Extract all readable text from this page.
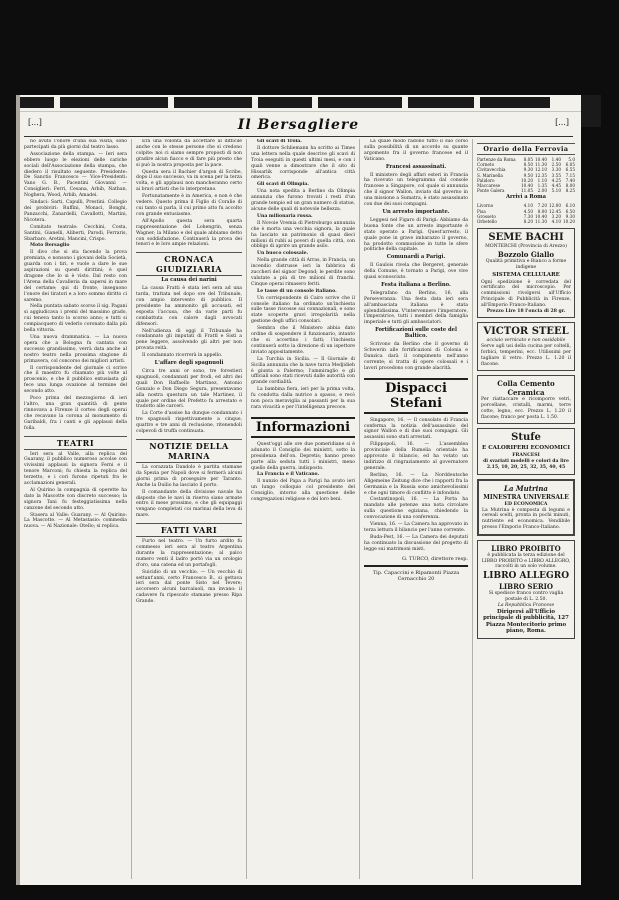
[...]	Il Bersagliere	[...]

no avuto l'onore d'una sua visita, sono partecipati da più giorni dal teatro lasso.

Associazione della stampa. — Ieri sera ebbero luogo le elezioni delle cariche sociali dell'Associazione della stampa, che diedero il risultato seguente. Presidente: De Sanctis Francesco — Vice-Presidenti: Vano G. B., Pacentini Giovanni — Consiglieri: Ferri, Cesana, Arbib, Nathan, Noghera, Wood, Arbib, Amadei.

Sindaci: Sarti, Capulli, Prestini. Collegio dei probiviri: Ruffini, Monaci, Bonghi, Panzacchi, Zanardelli, Cavallotti, Martini, Nicotera.

Comitato teatrale: Cecchini, Costa, Santini, Gianelli, Aliberti, Parodi, Ferraris, Sbarbaro, Aretini, Mancini, Crispo.

Moto Bersaglio

Il divo che si sta facendo la prova premiata, e nonsono i giovani della Società, guarda con i tiri, e vuole a dare le sue aspirazioni su questi dirittini; è quel dragone che lo si è visto. Dal resto con l'Arena della Cavalleria da sapersi in mare del certame; qui di fronte, inseguono l'onore dei tiratori e a loro sommo diritto ci saremo.

Nella puntata sabato scorso il sig. Pagani si aggiudicava i premi del massimo grado, cui teneva tanto lo scorso anno; e tutti si compiacquero di vederlo coronato dalla più bella vittoria.

Una nuova drammatica. — La nuova opera che a Bologna fu cantata con successo grandissimo, verrà data anche al nostro teatro nella prossima stagione di primavera, col concorso dei migliori artisti.

Il corrispondente del giornale ci scrive che il maestro fu chiamato più volte al proscenio, e che il pubblico entusiasta gli fece una lunga ovazione al termine del secondo atto.

Poco prima del mezzogiorno di ieri l'altro, una gran quantità di gente rinnovava a Firenze il corteo degli operai che recavano la corona al monumento di Garibaldi, fra i canti e gli applausi della folla.

TEATRI

Ieri sera al Valle, alla replica del Guarany, il pubblico numeroso accolse con vivissimi applausi la signora Ferni e il tenore Marconi; fu chiesta la replica del terzetto, e i cori furono ripetuti fra le acclamazioni generali.

Al Quirino la compagnia di operette ha dato la Mascotte con discreto successo; la signora Tani fu festeggiatissima nella canzone del secondo atto.

Stasera al Valle: Guarany. — Al Quirino: La Mascotte. — Al Metastasio: commedia nuova. — Al Nazionale: Otello; si replica.

Era una volontà da accettare al difficile anche con le stesse persone che si credono colpite: noi ci siamo sempre proposti di non gradire alcun fiacco e di fare più presto che si può la nostra proposta per la pace.

Questa sera il Bachier d'argon di Scribe, dopo il suo successo, va in scena per la terza volta, e gli applausi non mancheranno certo ai bravi artisti che lo interpretano.

Fortunatamente è in America, e non è che vedere. Questo prima il Figlio di Coralie di cui tanto si parla, il cui primo atto fu accolto con grande entusiasmo.

All'Apollo questa sera quarta rappresentazione del Lohengrin, senza Wagner; la Milano e del quale abbiamo detto con soddisfazione. Continuerà la prova dei tenori e le loro ampie relazioni.

CRONACA GIUDIZIARIA
La causa dei narini

La causa Fratti è stata ieri sera ad una tarda, trattata nel dopo ore del Tribunale, con ampio intervento di pubblico. Il presidente ha ammonito gli accusati, ed esposta l'accusa, che da varie parti fu combattuta con calore dagli avvocati difensori.

Nell'udienza di oggi il Tribunale ha condannato gli imputati di Frattl e Sisti a pene leggere, assolvendo gli altri per non provata reità.

Il condannato ricorrerà in appello.

L'affare degli spagnuoli

Circa tre anni or sono, tre forestieri spagnuoli, condannati per frodi, ed altri dei quali Don Raffaello Martinez, Antonio Gonzalo e Don Diego Segura, presentavano alla nostra questura un tale Martinez, il quale per ordine del Prefetto fu arrestato e tradotto alle carceri.

La Corte d'assise ha dunque condannato i tre spagnuoli rispettivamente a cinque, quattro e tre anni di reclusione, ritenendoli colpevoli di truffa continuata.

NOTIZIE DELLA MARINA

La corazzata Dandolo è partita stamane da Spezia per Napoli dove si fermerà alcuni giorni prima di proseguire per Taranto. Anche la Duilio ha lasciato il porto.

Il comandante della divisione navale ha disposto che le navi in riserva siano armate entro il mese prossimo, e che gli equipaggi vengano completati coi marinai della leva di mare.

FATTI VARI

Furto nel teatro. — Un furto ardito fu commesso ieri sera al teatro Argentina durante la rappresentazione; al palco numero venti il ladro portò via un orologio d'oro, una catena ed un portafogli.

Suicidio di un vecchio. — Un vecchio di settant'anni, certo Francesco B., si gettava ieri sera dal ponte Sisto nel Tevere; accorsero alcuni barcaiuoli, ma invano: il cadavere fu ripescato stamane presso Ripa Grande.

Gli scavi di Troia.

Il dottore Schliemann ha scritto ai Times una lettera nella quale descrive gli scavi di Troia eseguiti in questi ultimi mesi, e con i quali venne a dimostrare che il sito di Hissarlik corrisponde all'antica città omerica.

Gli scavi di Olimpia.

Una nota spedita a Berlino da Olimpia annunzia che furono trovati i resti d'un grande tempio ed un gran numero di statue, alcune delle quali di notevole bellezza.

Una milionaria russa.

Il Novoie Vremia di Pietroburgo annunzia che è morta una vecchia signora, la quale ha lasciato un patrimonio di quasi dieci milioni di rubli ai poveri di quella città, con obbligo di aprire un grande asilo.

Un buoco colossale.

Nella grande città di Arras, in Francia, un incendio distrusse ieri la fabbrica di zuccheri del signor Degond; le perdite sono valutate a più di tre milioni di franchi. Cinque operai rimasero feriti.

Le tasse di un console italiano.

Un corrispondente di Cairo scrive che il console italiano ha ordinato un'inchiesta sulle tasse riscosse sui connazionali, e sono state scoperte gravi irregolarità nella gestione degli uffici consolari.

Sembra che il Ministero abbia dato ordine di sospendere il funzionario, intanto che si accertino i fatti; l'inchiesta continuerà sotto la direzione di un ispettore inviato appositamente.

La Turchia in Sicilia. — Il Giornale di Sicilia annunzia che la nave turca Medjidieh è giunta a Palermo; l'ammiraglio e gli ufficiali sono stati ricevuti dalle autorità con grande cordialità.

La bambina fiera, ieri per la prima volta, fu condotta dalla nutrice a spasso, e recò non poca meraviglia ai passanti per la sua rara vivacità e per l'intelligenza precoce.

Informazioni

Quest'oggi alle ore due pomeridiane si è adunato il Consiglio dei ministri, sotto la presidenza dell'on. Depretis; hanno preso parte alla seduta tutti i ministri, meno quello della guerra, indisposto.

La Francia e il Vaticano.

Il nunzio del Papa a Parigi ha avuto ieri un lungo colloquio col presidente del Consiglio, intorno alla questione delle congregazioni religiose e dei loro beni.

La quale modo radono tutto il suo corso sulla possibilità di un accordo su quante argomento fra il governo francese ed il Vaticano.

Francesi assassinati.

Il ministero degli affari esteri in Francia ha ricevuto un telegramma dal console francese a Singapore, col quale si annunzia che il signor Wallon, inviato dal governo in una missione a Sumatra, è stato assassinato con due dei suoi compagni.

Un arresto importante.

Leggesi nel Figaro di Parigi: Abbiamo da buona fonte che un arresto importante è stato operato a Parigi. Quest'arresto, il quale pone in grave imbarazzo il governo, ha prodotto commozione in tutte le sfere politiche della capitale.

Comunardi a Parigi.

Il Gaulois rivela che Bergeret, generale della Comune, è tornato a Parigi, ove vive quasi sconosciuto.

Festa italiana a Berlino.

Telegrafano da Berlino, 16, alla Perseveranza: Una festa data ieri sera all'ambasciata italiana è stata splendidissima. V'intervennero l'imperatore, l'imperatrice, tutti i membri della famiglia imperiale e tutti gli ambasciatori.

Fortificazioni sulle coste del Baltico.

Scrivono da Berlino che il governo di Schwerin alle fortificazioni di Colonia e Danzica darà il compimento nell'anno corrente; si tratta di opere colossali e i lavori procedono con grande alacrità.

Dispacci Stefani

Singapore, 16. — Il consolato di Francia conferma la notizia dell'assassinio del signor Wallon e di due suoi compagni. Gli assassini sono stati arrestati.

Filippopoli, 16. — L'assemblea provinciale della Rumelia orientale ha approvato il bilancio, ed ha votato un indirizzo di ringraziamento al governatore generale.

Berlino, 16. — La Norddeutsche Allgemeine Zeitung dice che i rapporti fra la Germania e la Russia sono amichevolissimi e che ogni timore di conflitto è infondato.

Costantinopoli, 16. — La Porta ha mandato alle potenze una nota circolare sulla questione egiziana, chiedendo la convocazione di una conferenza.

Vienna, 16. — La Camera ha approvato in terza lettura il bilancio per l'anno corrente.

Buda-Pest, 16. — La Camera dei deputati ha continuato la discussione del progetto di legge sui matrimoni misti.

G. TURCO, direttore resp.
Tip. Capaccini e Ripamonti Piazza Cernacchio 20
Orario della Ferrovia
Partenze da Roma	8.05	10.40	1.40	5.0
Corneto	8.50	11.30	2.50	6.05
Civitavecchia	9.30	12.10	3.30	6.55
S. Marinella	9.50	12.35	3.55	7.15
Palidoro	10.20	1.10	4.25	7.40
Maccarese	10.40	1.35	4.45	8.00
Ponte Galera	11.05	2.00	5.10	8.25
Arrivi a Roma
Livorno	4.10	7.20	12.00	6.10
Pisa	4.50	8.00	12.45	6.50
Grosseto	7.30	10.40	3.20	9.30
Orbetello	8.20	11.30	4.10	10.20
SEME BACHI
MONTERCHI (Provincia di Arezzo)
Bozzolo Giallo
Qualità primitiva e Bianco a forme indigene
SISTEMA CELLULARE
Ogni spedizione è corredata del certificato del microscopio. Per commissioni rivolgersi all'Ufficio Principale di Pubblicità in Firenze, all'Emporio Franco-Italiano.
Prezzo Lire 18 l'oncia di 28 gr.
VICTOR STEEL
acciaio vernicato e non ossidabile
Serve agli usi della cucina per coltelli, forbici, temperini, ecc. Utilissimi per tagliare il vetro. Prezzo L. 1.20 il flacone.
Colla Cemento Ceramica
Per riattaccare e ricomporre vetri, porcellane, cristalli, marmi, terre cotte, legno, ecc. Prezzo L. 1.20 il flacone; franco per posta L. 1.50.
Stufe
E CALORIFERI ECONOMICI
FRANCESI
di svariati modelli e colori da lire 2.15, 10, 20, 25, 32, 35, 40, 45
La Mutrina
MINESTRA UNIVERSALE
ED ECONOMICA
La Mutrina è composta di legumi e cereali scelti, pronta in pochi minuti, nutriente ed economica. Vendibile presso l'Emporio Franco-Italiano.
LIBRO PROIBITO
è pubblicata la terza edizione del LIBRO PROIBITO e LIBRO ALLEGRO, raccolti in un solo volume.
LIBRO ALLEGRO
LIBRO SERIO
Si spedisce franco contro vaglia postale di L. 2.50.
La Repubblica Francese
Dirigersi all'Ufficio principale di pubblicità, 127 Piazza Montecitorio primo piano, Roma.
